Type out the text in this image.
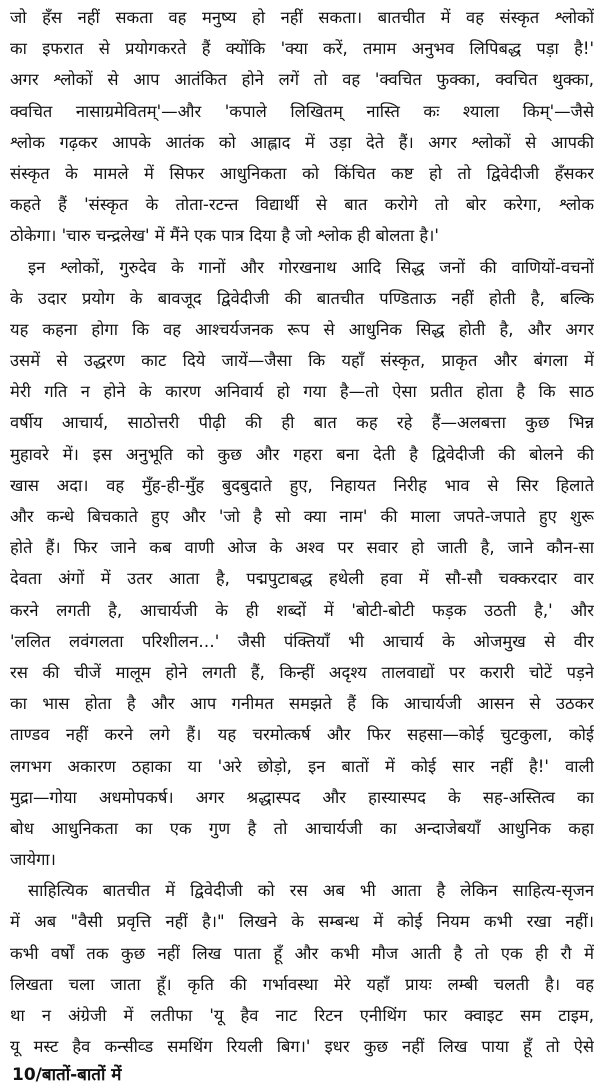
जो हँस नहीं सकता वह मनुष्य हो नहीं सकता। बातचीत में वह संस्कृत श्लोकों
का इफरात से प्रयोगकरते हैं क्योंकि 'क्या करें, तमाम अनुभव लिपिबद्ध पड़ा है!'
अगर श्लोकों से आप आतंकित होने लगें तो वह 'क्वचित फुक्का, क्वचित थुक्का,
क्वचित नासाग्रमेवितम्'—और 'कपाले लिखितम् नास्ति कः श्याला किम्'—जैसे
श्लोक गढ़कर आपके आतंक को आह्लाद में उड़ा देते हैं। अगर श्लोकों से आपकी
संस्कृत के मामले में सिफर आधुनिकता को किंचित कष्ट हो तो द्विवेदीजी हँसकर
कहते हैं 'संस्कृत के तोता-रटन्त विद्यार्थी से बात करोगे तो बोर करेगा, श्लोक
ठोकेगा। 'चारु चन्द्रलेख' में मैंने एक पात्र दिया है जो श्लोक ही बोलता है।'
इन श्लोकों, गुरुदेव के गानों और गोरखनाथ आदि सिद्ध जनों की वाणियों-वचनों
के उदार प्रयोग के बावजूद द्विवेदीजी की बातचीत पण्डिताऊ नहीं होती है, बल्कि
यह कहना होगा कि वह आश्चर्यजनक रूप से आधुनिक सिद्ध होती है, और अगर
उसमें से उद्धरण काट दिये जायें—जैसा कि यहाँ संस्कृत, प्राकृत और बंगला में
मेरी गति न होने के कारण अनिवार्य हो गया है—तो ऐसा प्रतीत होता है कि साठ
वर्षीय आचार्य, साठोत्तरी पीढ़ी की ही बात कह रहे हैं—अलबत्ता कुछ भिन्न
मुहावरे में। इस अनुभूति को कुछ और गहरा बना देती है द्विवेदीजी की बोलने की
खास अदा। वह मुँह-ही-मुँह बुदबुदाते हुए, निहायत निरीह भाव से सिर हिलाते
और कन्धे बिचकाते हुए और 'जो है सो क्या नाम' की माला जपते-जपाते हुए शुरू
होते हैं। फिर जाने कब वाणी ओज के अश्व पर सवार हो जाती है, जाने कौन-सा
देवता अंगों में उतर आता है, पद्मपुटाबद्ध हथेली हवा में सौ-सौ चक्करदार वार
करने लगती है, आचार्यजी के ही शब्दों में 'बोटी-बोटी फड़क उठती है,' और
'ललित लवंगलता परिशीलन…' जैसी पंक्तियाँ भी आचार्य के ओजमुख से वीर
रस की चीजें मालूम होने लगती हैं, किन्हीं अदृश्य तालवाद्यों पर करारी चोटें पड़ने
का भास होता है और आप गनीमत समझते हैं कि आचार्यजी आसन से उठकर
ताण्डव नहीं करने लगे हैं। यह चरमोत्कर्ष और फिर सहसा—कोई चुटकुला, कोई
लगभग अकारण ठहाका या 'अरे छोड़ो, इन बातों में कोई सार नहीं है!' वाली
मुद्रा—गोया अधमोपकर्ष। अगर श्रद्धास्पद और हास्यास्पद के सह-अस्तित्व का
बोध आधुनिकता का एक गुण है तो आचार्यजी का अन्दाजेबयाँ आधुनिक कहा
जायेगा।
साहित्यिक बातचीत में द्विवेदीजी को रस अब भी आता है लेकिन साहित्य-सृजन
में अब "वैसी प्रवृत्ति नहीं है।" लिखने के सम्बन्ध में कोई नियम कभी रखा नहीं।
कभी वर्षों तक कुछ नहीं लिख पाता हूँ और कभी मौज आती है तो एक ही रौ में
लिखता चला जाता हूँ। कृति की गर्भावस्था मेरे यहाँ प्रायः लम्बी चलती है। वह
था न अंग्रेजी में लतीफा 'यू हैव नाट रिटन एनीथिंग फार क्वाइट सम टाइम,
यू मस्ट हैव कन्सीव्ड समथिंग रियली बिग।' इधर कुछ नहीं लिख पाया हूँ तो ऐसे
10/बातों-बातों में
